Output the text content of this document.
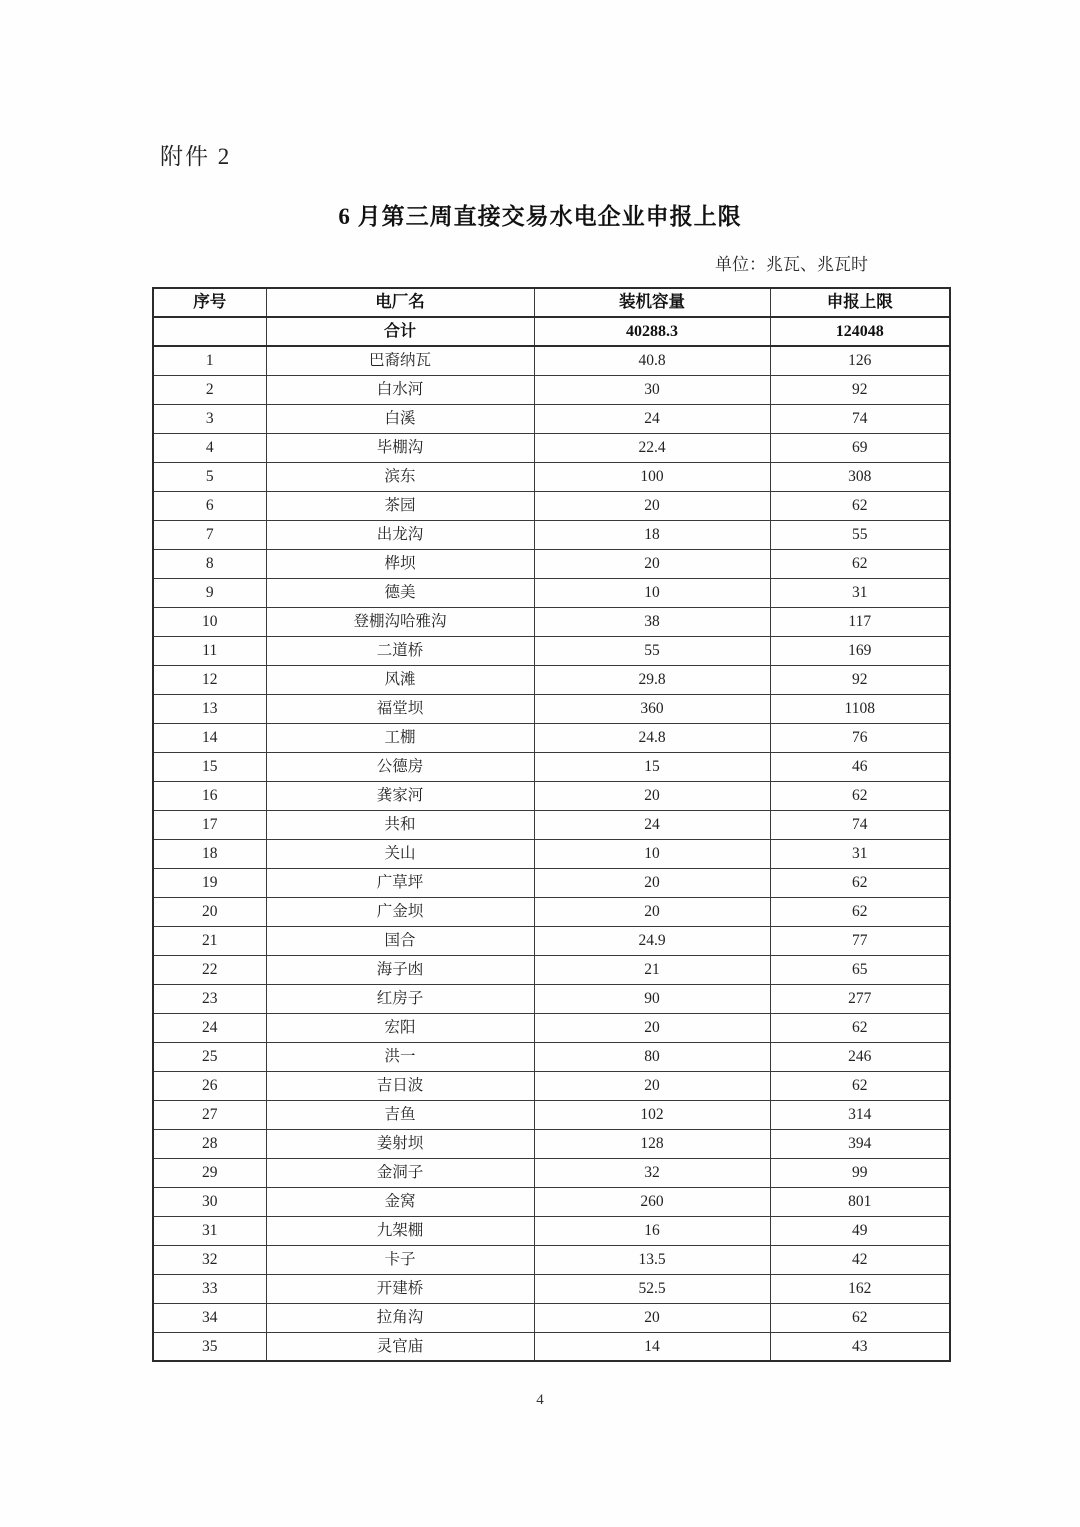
附件 2
6 月第三周直接交易水电企业申报上限
单位：兆瓦、兆瓦时
序号	电厂名	装机容量	申报上限
	合计	40288.3	124048
1	巴裔纳瓦	40.8	126
2	白水河	30	92
3	白溪	24	74
4	毕棚沟	22.4	69
5	滨东	100	308
6	茶园	20	62
7	出龙沟	18	55
8	桦坝	20	62
9	德美	10	31
10	登棚沟哈雅沟	38	117
11	二道桥	55	169
12	风滩	29.8	92
13	福堂坝	360	1108
14	工棚	24.8	76
15	公德房	15	46
16	龚家河	20	62
17	共和	24	74
18	关山	10	31
19	广草坪	20	62
20	广金坝	20	62
21	国合	24.9	77
22	海子凼	21	65
23	红房子	90	277
24	宏阳	20	62
25	洪一	80	246
26	吉日波	20	62
27	吉鱼	102	314
28	姜射坝	128	394
29	金洞子	32	99
30	金窝	260	801
31	九架棚	16	49
32	卡子	13.5	42
33	开建桥	52.5	162
34	拉角沟	20	62
35	灵官庙	14	43
4
